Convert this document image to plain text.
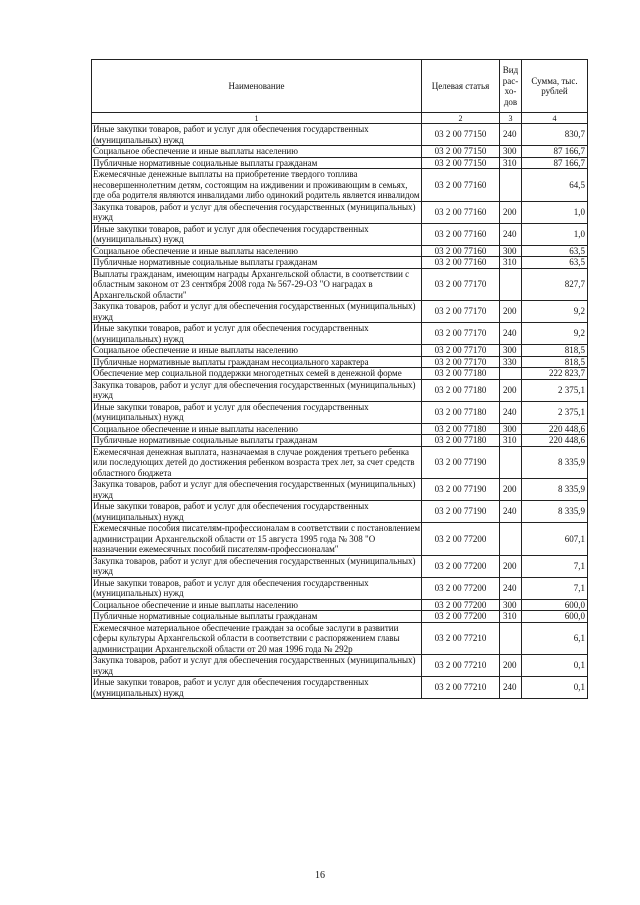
Наименование	Целевая статья	Вид рас-хо-дов	Сумма, тыс. рублей
1	2	3	4
Иные закупки товаров, работ и услуг для обеспечения государственных (муниципальных) нужд	03 2 00 77150	240	830,7
Социальное обеспечение и иные выплаты населению	03 2 00 77150	300	87 166,7
Публичные нормативные социальные выплаты гражданам	03 2 00 77150	310	87 166,7
Ежемесячные денежные выплаты на приобретение твердого топлива несовершеннолетним детям, состоящим на иждивении и проживающим в семьях, где оба родителя являются инвалидами либо одинокий родитель является инвалидом	03 2 00 77160		64,5
Закупка товаров, работ и услуг для обеспечения государственных (муниципальных) нужд	03 2 00 77160	200	1,0
Иные закупки товаров, работ и услуг для обеспечения государственных (муниципальных) нужд	03 2 00 77160	240	1,0
Социальное обеспечение и иные выплаты населению	03 2 00 77160	300	63,5
Публичные нормативные социальные выплаты гражданам	03 2 00 77160	310	63,5
Выплаты гражданам, имеющим награды Архангельской области, в соответствии с областным законом от 23 сентября 2008 года № 567-29-ОЗ "О наградах в Архангельской области"	03 2 00 77170		827,7
Закупка товаров, работ и услуг для обеспечения государственных (муниципальных) нужд	03 2 00 77170	200	9,2
Иные закупки товаров, работ и услуг для обеспечения государственных (муниципальных) нужд	03 2 00 77170	240	9,2
Социальное обеспечение и иные выплаты населению	03 2 00 77170	300	818,5
Публичные нормативные выплаты гражданам несоциального характера	03 2 00 77170	330	818,5
Обеспечение мер социальной поддержки многодетных семей в денежной форме	03 2 00 77180		222 823,7
Закупка товаров, работ и услуг для обеспечения государственных (муниципальных) нужд	03 2 00 77180	200	2 375,1
Иные закупки товаров, работ и услуг для обеспечения государственных (муниципальных) нужд	03 2 00 77180	240	2 375,1
Социальное обеспечение и иные выплаты населению	03 2 00 77180	300	220 448,6
Публичные нормативные социальные выплаты гражданам	03 2 00 77180	310	220 448,6
Ежемесячная денежная выплата, назначаемая в случае рождения третьего ребенка или последующих детей до достижения ребенком возраста трех лет, за счет средств областного бюджета	03 2 00 77190		8 335,9
Закупка товаров, работ и услуг для обеспечения государственных (муниципальных) нужд	03 2 00 77190	200	8 335,9
Иные закупки товаров, работ и услуг для обеспечения государственных (муниципальных) нужд	03 2 00 77190	240	8 335,9
Ежемесячные пособия писателям-профессионалам в соответствии с постановлением администрации Архангельской области от 15 августа 1995 года № 308 "О назначении ежемесячных пособий писателям-профессионалам"	03 2 00 77200		607,1
Закупка товаров, работ и услуг для обеспечения государственных (муниципальных) нужд	03 2 00 77200	200	7,1
Иные закупки товаров, работ и услуг для обеспечения государственных (муниципальных) нужд	03 2 00 77200	240	7,1
Социальное обеспечение и иные выплаты населению	03 2 00 77200	300	600,0
Публичные нормативные социальные выплаты гражданам	03 2 00 77200	310	600,0
Ежемесячное материальное обеспечение граждан за особые заслуги в развитии сферы культуры Архангельской области в соответствии с распоряжением главы администрации Архангельской области от 20 мая 1996 года № 292р	03 2 00 77210		6,1
Закупка товаров, работ и услуг для обеспечения государственных (муниципальных) нужд	03 2 00 77210	200	0,1
Иные закупки товаров, работ и услуг для обеспечения государственных (муниципальных) нужд	03 2 00 77210	240	0,1
16
